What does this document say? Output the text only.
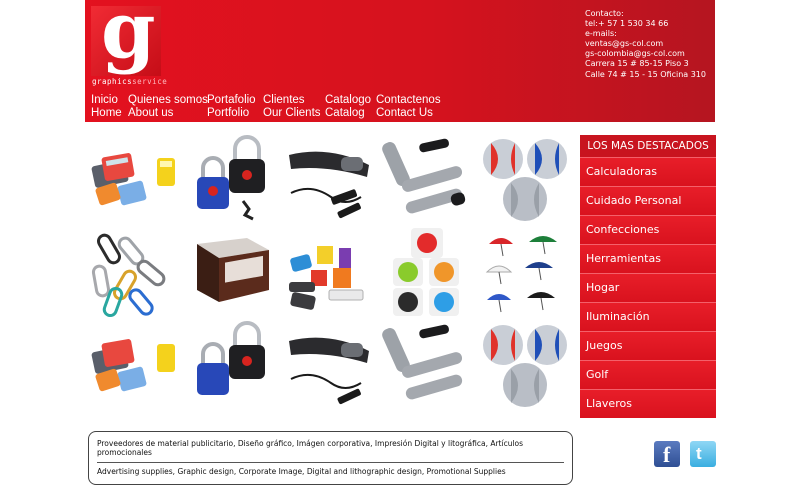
g
graphicsservice
Contacto:
tel:+ 57 1 530 34 66
e-mails:
ventas@gs-col.com
gs-colombia@gs-col.com
Carrera 15 # 85-15 Piso 3
Calle 74 # 15 - 15 Oficina 310
Inicio
Home
Quienes somos
About us
Portafolio
Portfolio
Clientes
Our Clients
Catalogo
Catalog
Contactenos
Contact Us
LOS MAS DESTACADOS
Calculadoras
Cuidado Personal
Confecciones
Herramientas
Hogar
Iluminación
Juegos
Golf
Llaveros
Proveedores de material publicitario, Diseño gráfico, Imágen corporativa, Impresión Digital y litográfica, Artículos promocionales
Advertising supplies, Graphic design, Corporate Image, Digital and lithographic design, Promotional Supplies
f t
